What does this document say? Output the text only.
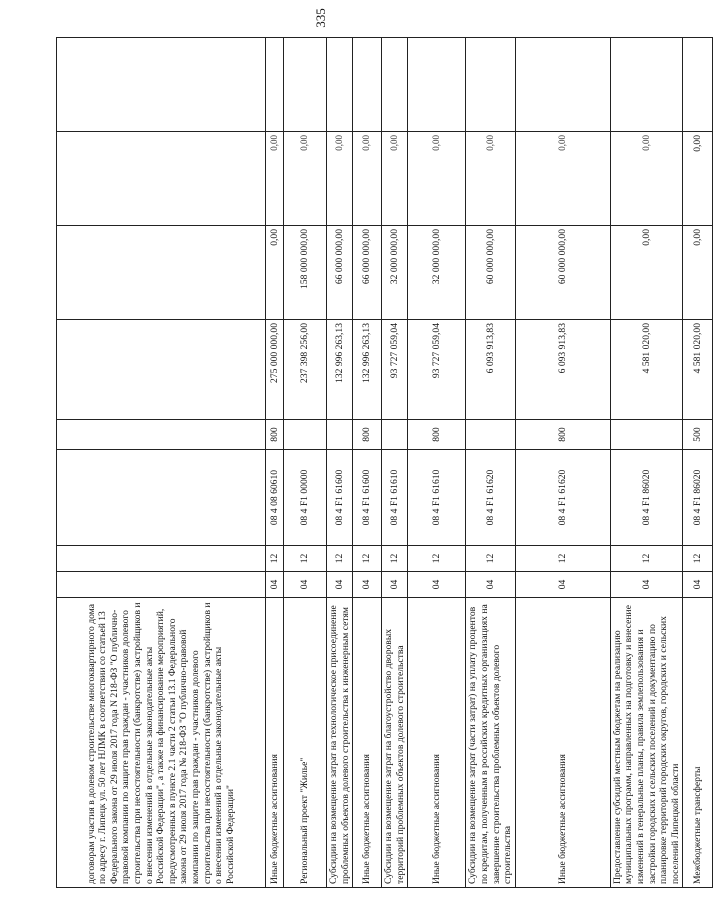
335
договорам участия в долевом строительстве многоквартирного дома по адресу г. Липецк ул. 50 лет НЛМК в соответствии со статьей 13 Федерального закона от 29 июля 2017 года N 218-ФЗ "О публично-правовой компании по защите прав граждан - участников долевого строительства при несостоятельности (банкротстве) застройщиков и о внесении изменений в отдельные законодательные акты Российской Федерации", а также на финансирование мероприятий, предусмотренных в пункте 2.1 части 2 статьи 13.1 Федерального закона от 29 июля 2017 года № 218-ФЗ "О публично-правовой компании по защите прав граждан - участников долевого строительства при несостоятельности (банкротстве) застройщиков и о внесении изменений в отдельные законодательные акты Российской Федерации"								
Иные бюджетные ассигнования	04	12	08 4 08 60610	800	275 000 000,00	0,00	0,00	
Региональный проект "Жилье"	04	12	08 4 F1 00000		237 398 256,00	158 000 000,00	0,00	
Субсидии на возмещение затрат на технологическое присоединение проблемных объектов долевого строительства к инженерным сетям	04	12	08 4 F1 61600		132 996 263,13	66 000 000,00	0,00	
Иные бюджетные ассигнования	04	12	08 4 F1 61600	800	132 996 263,13	66 000 000,00	0,00	
Субсидии на возмещение затрат на благоустройство дворовых территорий проблемных объектов долевого строительства	04	12	08 4 F1 61610		93 727 059,04	32 000 000,00	0,00	
Иные бюджетные ассигнования	04	12	08 4 F1 61610	800	93 727 059,04	32 000 000,00	0,00	
Субсидии на возмещение затрат (части затрат) на уплату процентов по кредитам, полученным в российских кредитных организациях на завершение строительства проблемных объектов долевого строительства	04	12	08 4 F1 61620		6 093 913,83	60 000 000,00	0,00	
Иные бюджетные ассигнования	04	12	08 4 F1 61620	800	6 093 913,83	60 000 000,00	0,00	
Предоставление субсидий местным бюджетам на реализацию муниципальных программ, направленных на подготовку и внесение изменений в генеральные планы, правила землепользования и застройки городских и сельских поселений и документацию по планировке территорий городских округов, городских и сельских поселений Липецкой области	04	12	08 4 F1 86020		4 581 020,00	0,00	0,00	
Межбюджетные трансферты	04	12	08 4 F1 86020	500	4 581 020,00	0,00	0,00	
